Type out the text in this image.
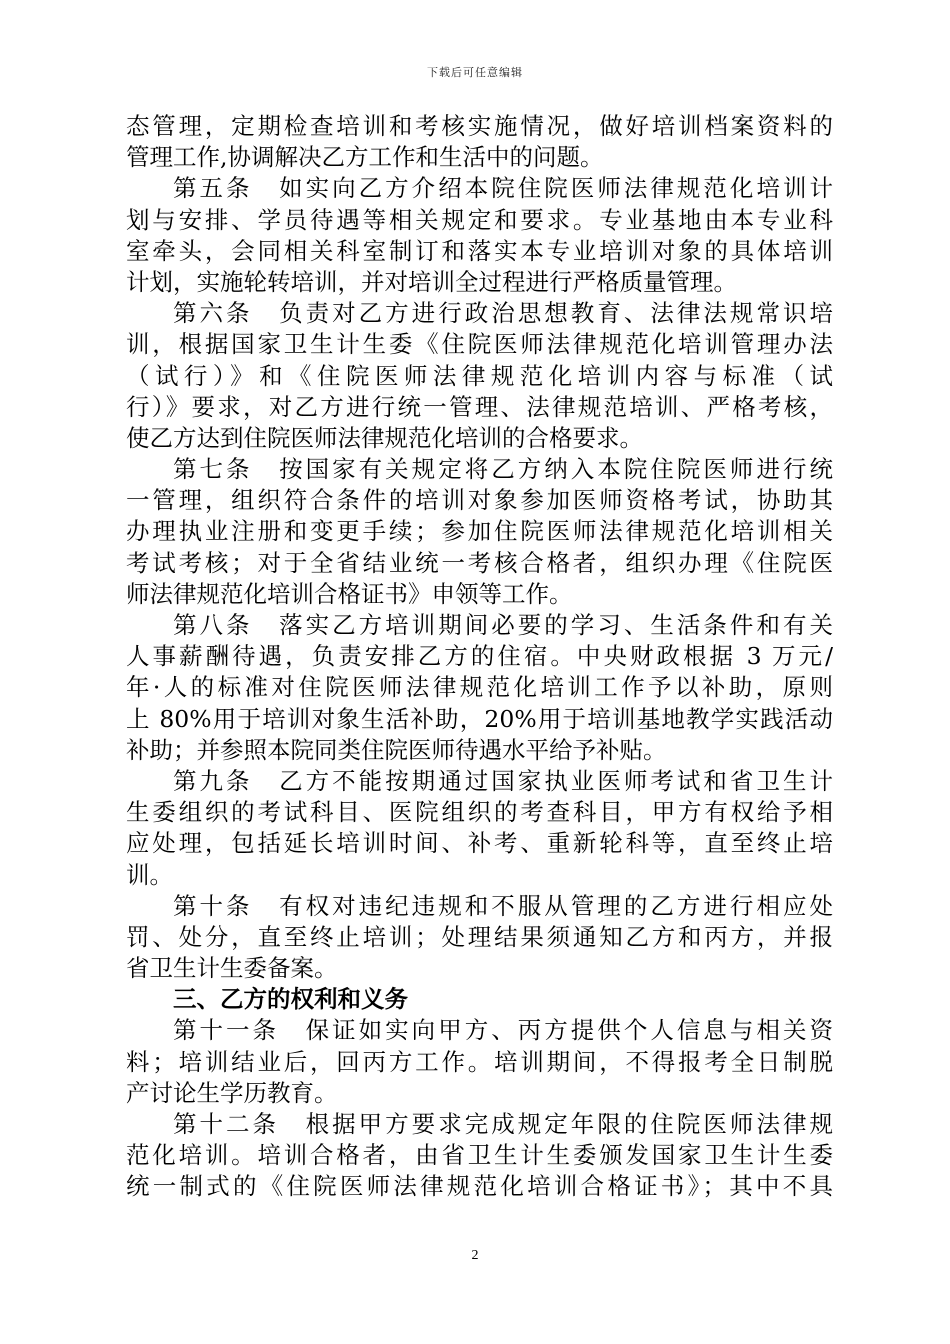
下载后可任意编辑
态管理，定期检查培训和考核实施情况，做好培训档案资料的
管理工作,协调解决乙方工作和生活中的问题。
第五条　如实向乙方介绍本院住院医师法律规范化培训计
划与安排、学员待遇等相关规定和要求。专业基地由本专业科
室牵头，会同相关科室制订和落实本专业培训对象的具体培训
计划，实施轮转培训，并对培训全过程进行严格质量管理。
第六条　负责对乙方进行政治思想教育、法律法规常识培
训，根据国家卫生计生委《住院医师法律规范化培训管理办法
（试行）》和《住院医师法律规范化培训内容与标准（试
行）》要求，对乙方进行统一管理、法律规范培训、严格考核，
使乙方达到住院医师法律规范化培训的合格要求。
第七条　按国家有关规定将乙方纳入本院住院医师进行统
一管理，组织符合条件的培训对象参加医师资格考试，协助其
办理执业注册和变更手续；参加住院医师法律规范化培训相关
考试考核；对于全省结业统一考核合格者，组织办理《住院医
师法律规范化培训合格证书》申领等工作。
第八条　落实乙方培训期间必要的学习、生活条件和有关
人事薪酬待遇，负责安排乙方的住宿。中央财政根据 3 万元/
年·人的标准对住院医师法律规范化培训工作予以补助，原则
上 80%用于培训对象生活补助，20%用于培训基地教学实践活动
补助；并参照本院同类住院医师待遇水平给予补贴。
第九条　乙方不能按期通过国家执业医师考试和省卫生计
生委组织的考试科目、医院组织的考查科目，甲方有权给予相
应处理，包括延长培训时间、补考、重新轮科等，直至终止培
训。
第十条　有权对违纪违规和不服从管理的乙方进行相应处
罚、处分，直至终止培训；处理结果须通知乙方和丙方，并报
省卫生计生委备案。
三、乙方的权利和义务
第十一条　保证如实向甲方、丙方提供个人信息与相关资
料；培训结业后，回丙方工作。培训期间，不得报考全日制脱
产讨论生学历教育。
第十二条　根据甲方要求完成规定年限的住院医师法律规
范化培训。培训合格者，由省卫生计生委颁发国家卫生计生委
统一制式的《住院医师法律规范化培训合格证书》；其中不具
2
